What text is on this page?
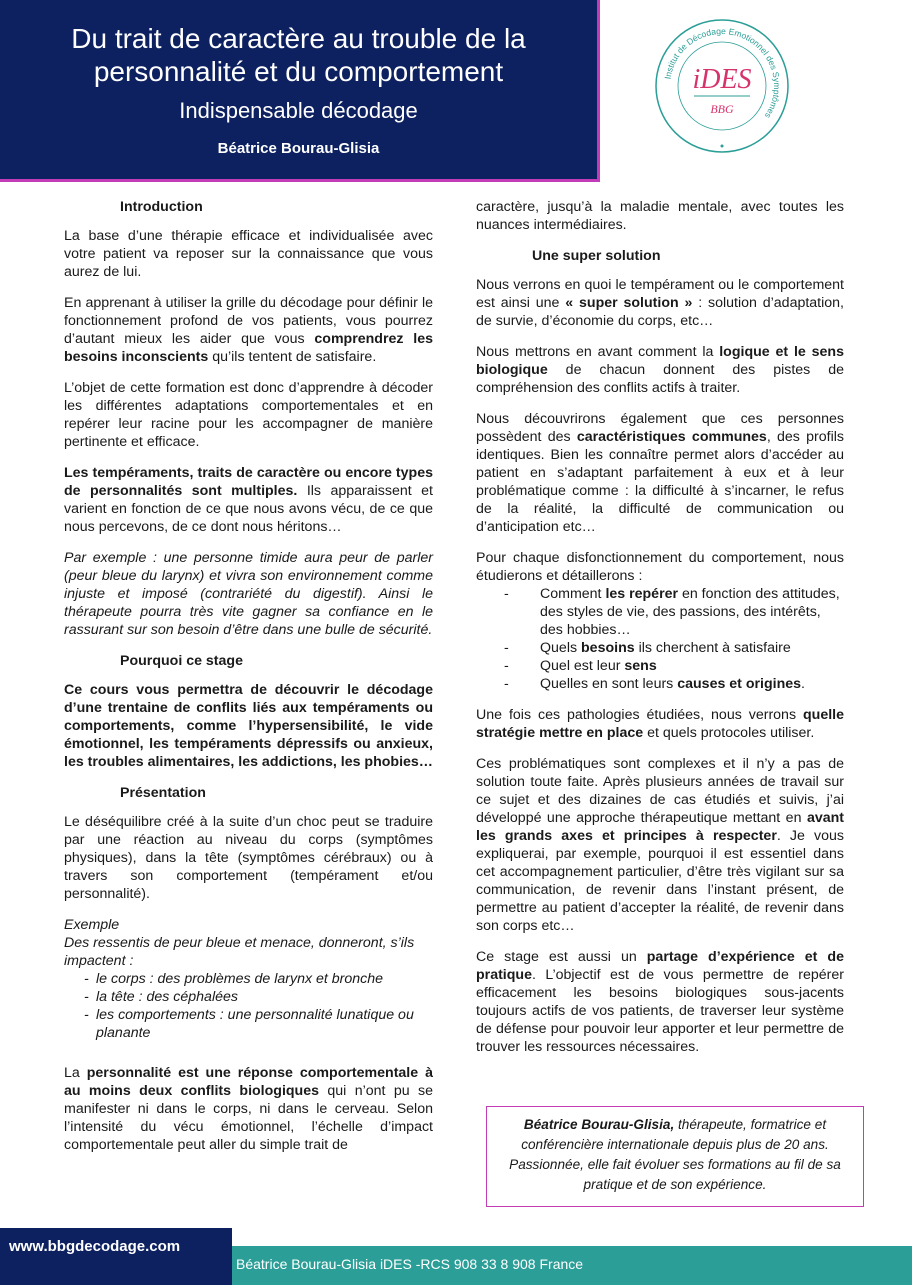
Du trait de caractère au trouble de la
personnalité et du comportement
Indispensable décodage
Béatrice Bourau-Glisia
Institut de Décodage Emotionnel des Symptômes
iDES
BBG
Introduction

La base d’une thérapie efficace et individualisée avec votre patient va reposer sur la connaissance que vous aurez de lui.

En apprenant à utiliser la grille du décodage pour définir le fonctionnement profond de vos patients, vous pourrez d’autant mieux les aider que vous comprendrez les besoins inconscients qu’ils tentent de satisfaire.

L’objet de cette formation est donc d’apprendre à décoder les différentes adaptations comportementales et en repérer leur racine pour les accompagner de manière pertinente et efficace.

Les tempéraments, traits de caractère ou encore types de personnalités sont multiples. Ils apparaissent et varient en fonction de ce que nous avons vécu, de ce que nous percevons, de ce dont nous héritons…

Par exemple : une personne timide aura peur de parler (peur bleue du larynx) et vivra son environnement comme injuste et imposé (contrariété du digestif). Ainsi le thérapeute pourra très vite gagner sa confiance en le rassurant sur son besoin d’être dans une bulle de sécurité.

Pourquoi ce stage

Ce cours vous permettra de découvrir le décodage d’une trentaine de conflits liés aux tempéraments ou comportements, comme l’hypersensibilité, le vide émotionnel, les tempéraments dépressifs ou anxieux, les troubles alimentaires, les addictions, les phobies…

Présentation

Le déséquilibre créé à la suite d’un choc peut se traduire par une réaction au niveau du corps (symptômes physiques), dans la tête (symptômes cérébraux) ou à travers son comportement (tempérament et/ou personnalité).

Exemple
Des ressentis de peur bleue et menace, donneront, s’ils impactent :
- le corps : des problèmes de larynx et bronche
- la tête : des céphalées
- les comportements : une personnalité lunatique ou planante

La personnalité est une réponse comportementale à au moins deux conflits biologiques qui n’ont pu se manifester ni dans le corps, ni dans le cerveau. Selon l’intensité du vécu émotionnel, l’échelle d’impact comportementale peut aller du simple trait de

caractère, jusqu’à la maladie mentale, avec toutes les nuances intermédiaires.

Une super solution

Nous verrons en quoi le tempérament ou le comportement est ainsi une « super solution » : solution d’adaptation, de survie, d’économie du corps, etc…

Nous mettrons en avant comment la logique et le sens biologique de chacun donnent des pistes de compréhension des conflits actifs à traiter.

Nous découvrirons également que ces personnes possèdent des caractéristiques communes, des profils identiques. Bien les connaître permet alors d’accéder au patient en s’adaptant parfaitement à eux et à leur problématique comme : la difficulté à s’incarner, le refus de la réalité, la difficulté de communication ou d’anticipation etc…

Pour chaque disfonctionnement du comportement, nous étudierons et détaillerons :

- Comment les repérer en fonction des attitudes, des styles de vie, des passions, des intérêts, des hobbies…
- Quels besoins ils cherchent à satisfaire
- Quel est leur sens
- Quelles en sont leurs causes et origines.

Une fois ces pathologies étudiées, nous verrons quelle stratégie mettre en place et quels protocoles utiliser.

Ces problématiques sont complexes et il n’y a pas de solution toute faite. Après plusieurs années de travail sur ce sujet et des dizaines de cas étudiés et suivis, j’ai développé une approche thérapeutique mettant en avant les grands axes et principes à respecter. Je vous expliquerai, par exemple, pourquoi il est essentiel dans cet accompagnement particulier, d’être très vigilant sur sa communication, de revenir dans l’instant présent, de permettre au patient d’accepter la réalité, de revenir dans son corps etc…

Ce stage est aussi un partage d’expérience et de pratique. L’objectif est de vous permettre de repérer efficacement les besoins biologiques sous-jacents toujours actifs de vos patients, de traverser leur système de défense pour pouvoir leur apporter et leur permettre de trouver les ressources nécessaires.

Béatrice Bourau-Glisia, thérapeute, formatrice et conférencière internationale depuis plus de 20 ans. Passionnée, elle fait évoluer ses formations au fil de sa pratique et de son expérience.
www.bbgdecodage.com
Béatrice Bourau-Glisia iDES -RCS 908 33 8 908 France
